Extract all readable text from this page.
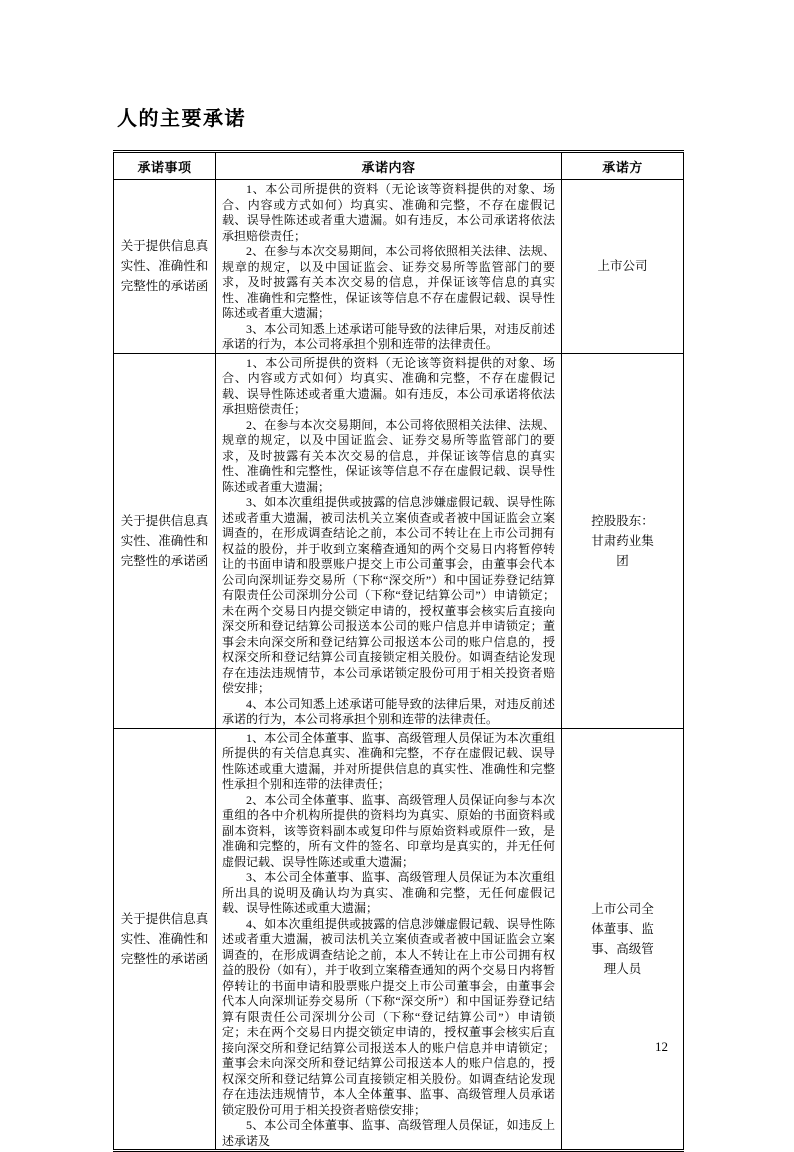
人的主要承诺
承诺事项	承诺内容	承诺方
关于提供信息真实性、准确性和完整性的承诺函	1、本公司所提供的资料（无论该等资料提供的对象、场合、内容或方式如何）均真实、准确和完整，不存在虚假记载、误导性陈述或者重大遗漏。如有违反，本公司承诺将依法承担赔偿责任；

2、在参与本次交易期间，本公司将依照相关法律、法规、规章的规定，以及中国证监会、证券交易所等监管部门的要求，及时披露有关本次交易的信息，并保证该等信息的真实性、准确性和完整性，保证该等信息不存在虚假记载、误导性陈述或者重大遗漏；

3、本公司知悉上述承诺可能导致的法律后果，对违反前述承诺的行为，本公司将承担个别和连带的法律责任。	上市公司
关于提供信息真实性、准确性和完整性的承诺函	1、本公司所提供的资料（无论该等资料提供的对象、场合、内容或方式如何）均真实、准确和完整，不存在虚假记载、误导性陈述或者重大遗漏。如有违反，本公司承诺将依法承担赔偿责任；

2、在参与本次交易期间，本公司将依照相关法律、法规、规章的规定，以及中国证监会、证券交易所等监管部门的要求，及时披露有关本次交易的信息，并保证该等信息的真实性、准确性和完整性，保证该等信息不存在虚假记载、误导性陈述或者重大遗漏；

3、如本次重组提供或披露的信息涉嫌虚假记载、误导性陈述或者重大遗漏，被司法机关立案侦查或者被中国证监会立案调查的，在形成调查结论之前，本公司不转让在上市公司拥有权益的股份，并于收到立案稽查通知的两个交易日内将暂停转让的书面申请和股票账户提交上市公司董事会，由董事会代本公司向深圳证券交易所（下称“深交所”）和中国证券登记结算有限责任公司深圳分公司（下称“登记结算公司”）申请锁定；未在两个交易日内提交锁定申请的，授权董事会核实后直接向深交所和登记结算公司报送本公司的账户信息并申请锁定；董事会未向深交所和登记结算公司报送本公司的账户信息的，授权深交所和登记结算公司直接锁定相关股份。如调查结论发现存在违法违规情节，本公司承诺锁定股份可用于相关投资者赔偿安排；

4、本公司知悉上述承诺可能导致的法律后果，对违反前述承诺的行为，本公司将承担个别和连带的法律责任。	控股股东：甘肃药业集团
关于提供信息真实性、准确性和完整性的承诺函	1、本公司全体董事、监事、高级管理人员保证为本次重组所提供的有关信息真实、准确和完整，不存在虚假记载、误导性陈述或重大遗漏，并对所提供信息的真实性、准确性和完整性承担个别和连带的法律责任；

2、本公司全体董事、监事、高级管理人员保证向参与本次重组的各中介机构所提供的资料均为真实、原始的书面资料或副本资料，该等资料副本或复印件与原始资料或原件一致，是准确和完整的，所有文件的签名、印章均是真实的，并无任何虚假记载、误导性陈述或重大遗漏；

3、本公司全体董事、监事、高级管理人员保证为本次重组所出具的说明及确认均为真实、准确和完整，无任何虚假记载、误导性陈述或重大遗漏；

4、如本次重组提供或披露的信息涉嫌虚假记载、误导性陈述或者重大遗漏，被司法机关立案侦查或者被中国证监会立案调查的，在形成调查结论之前，本人不转让在上市公司拥有权益的股份（如有），并于收到立案稽查通知的两个交易日内将暂停转让的书面申请和股票账户提交上市公司董事会，由董事会代本人向深圳证券交易所（下称“深交所”）和中国证券登记结算有限责任公司深圳分公司（下称“登记结算公司”）申请锁定；未在两个交易日内提交锁定申请的，授权董事会核实后直接向深交所和登记结算公司报送本人的账户信息并申请锁定；董事会未向深交所和登记结算公司报送本人的账户信息的，授权深交所和登记结算公司直接锁定相关股份。如调查结论发现存在违法违规情节，本人全体董事、监事、高级管理人员承诺锁定股份可用于相关投资者赔偿安排；

5、本公司全体董事、监事、高级管理人员保证，如违反上述承诺及	上市公司全体董事、监事、高级管理人员
12
